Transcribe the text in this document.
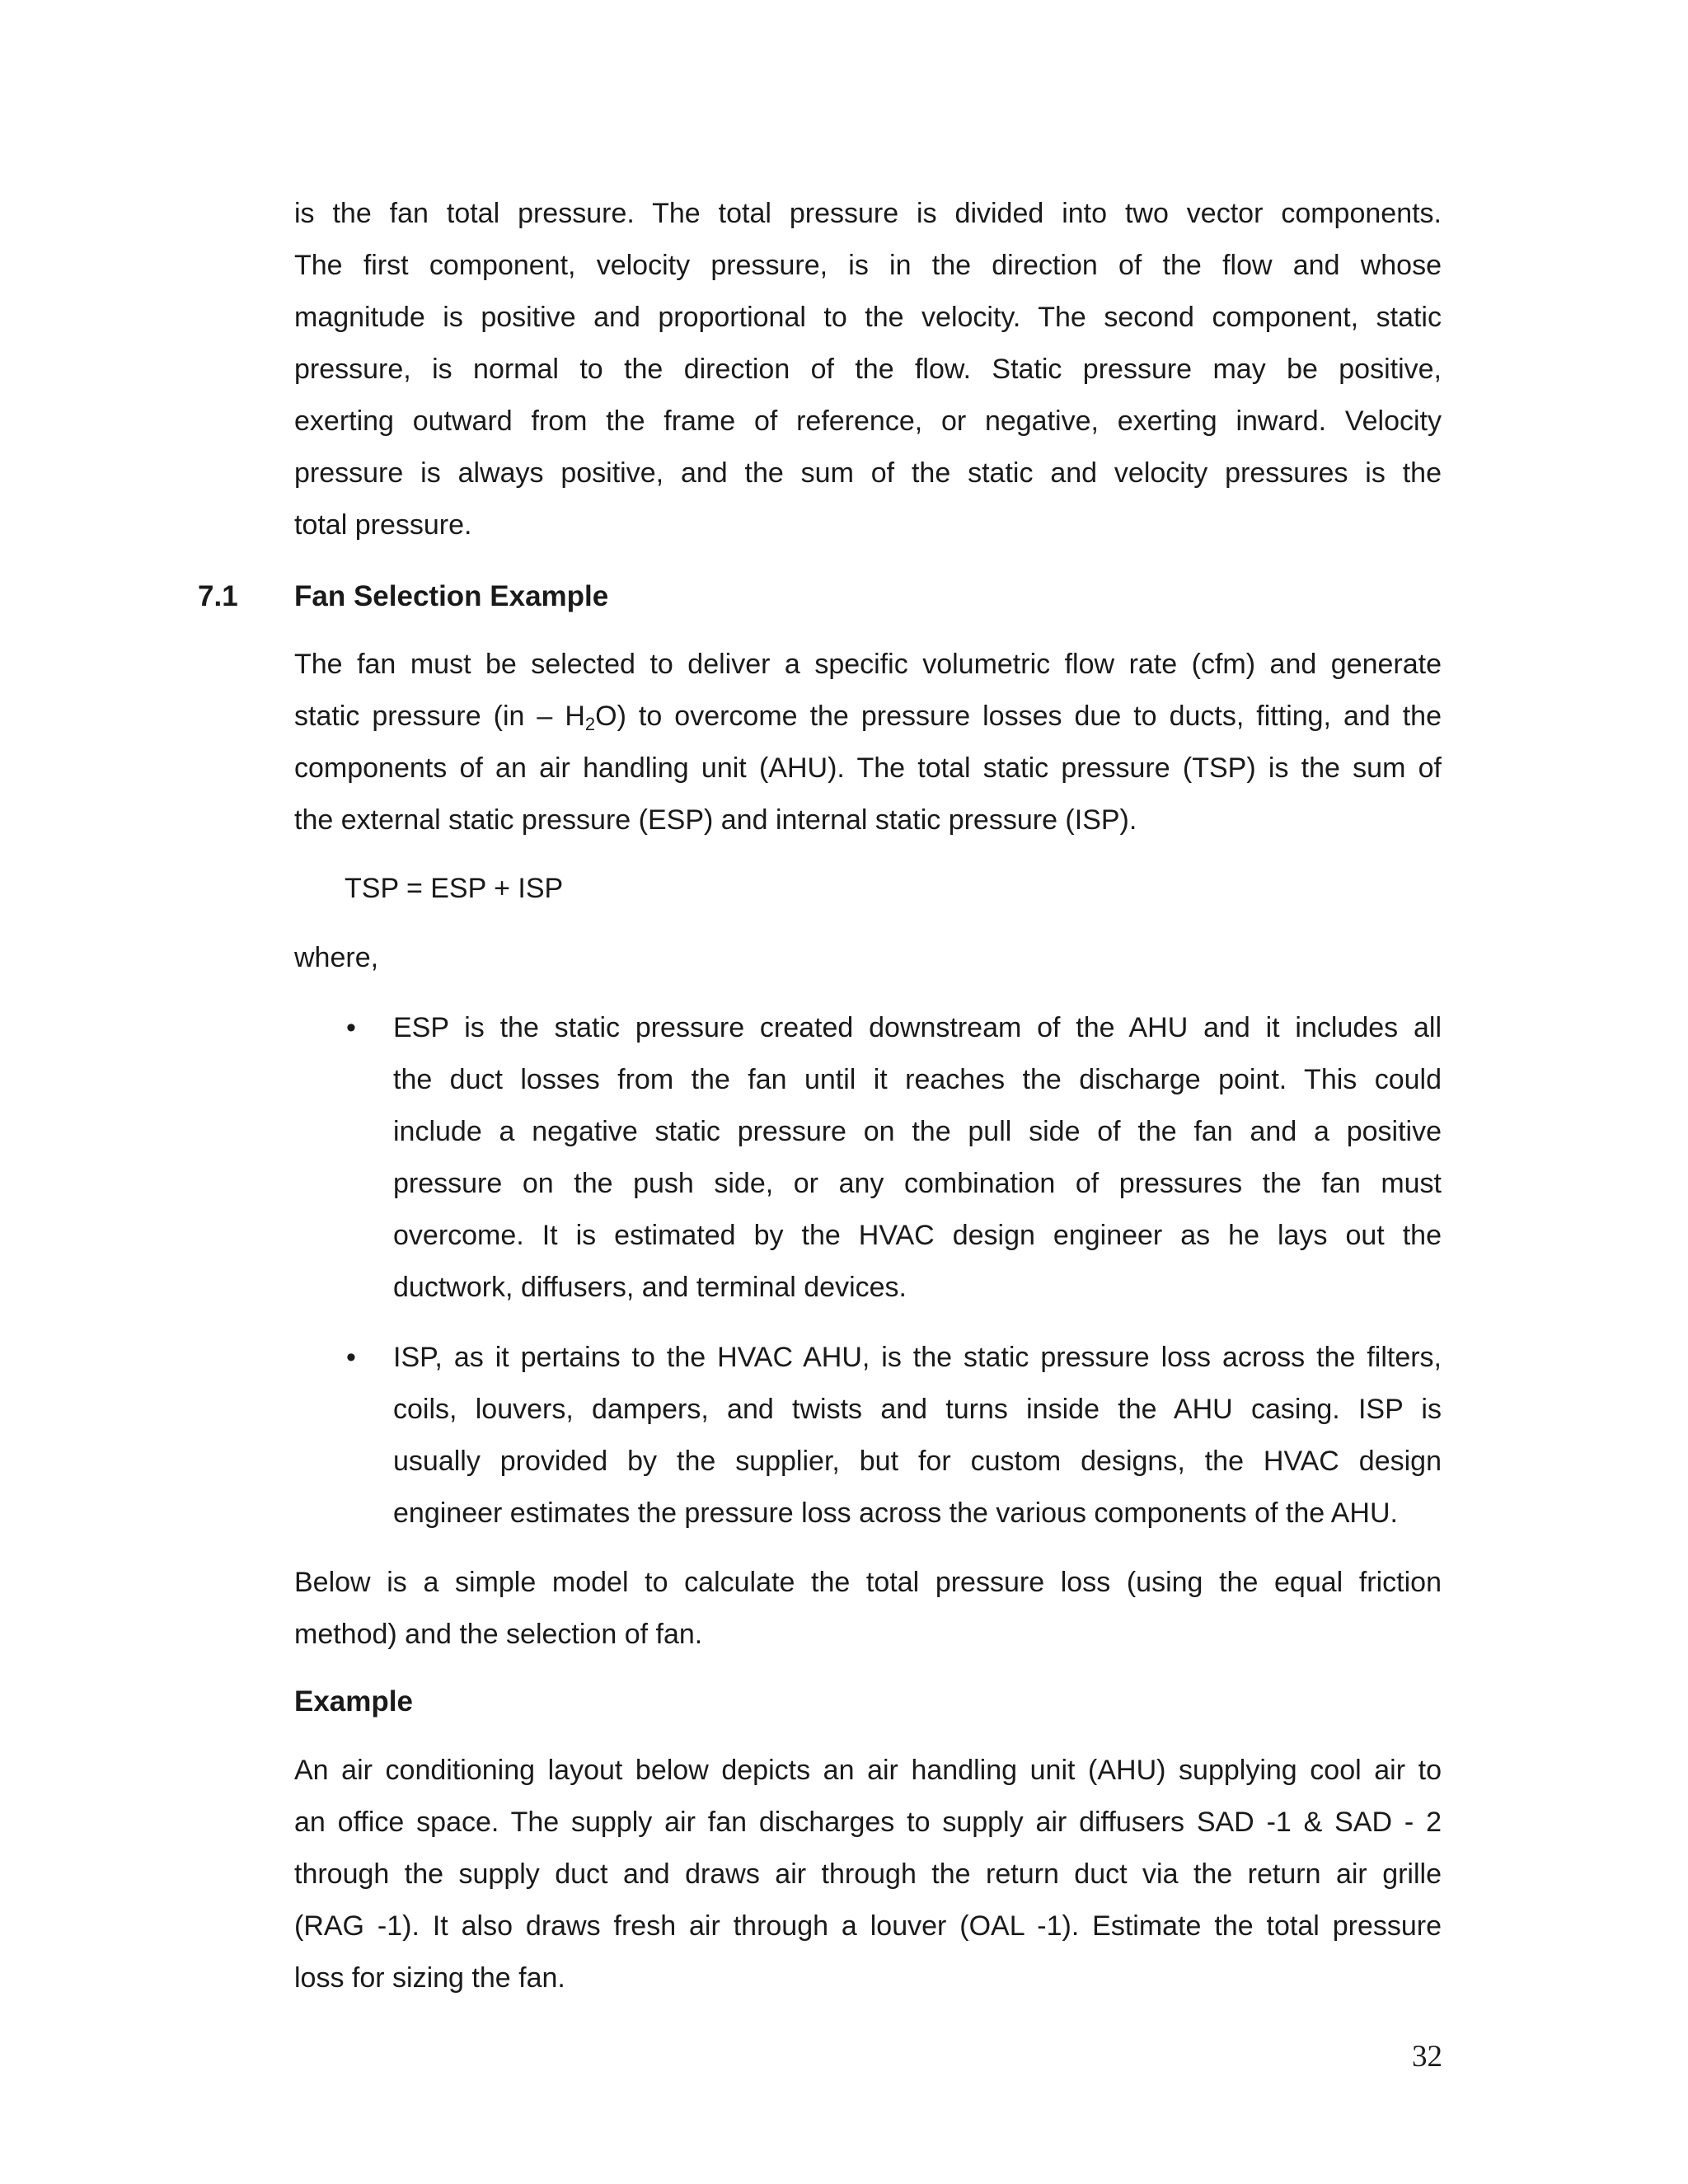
is the fan total pressure. The total pressure is divided into two vector components.
The first component, velocity pressure, is in the direction of the flow and whose
magnitude is positive and proportional to the velocity. The second component, static
pressure, is normal to the direction of the flow. Static pressure may be positive,
exerting outward from the frame of reference, or negative, exerting inward. Velocity
pressure is always positive, and the sum of the static and velocity pressures is the
total pressure.
7.1 Fan Selection Example
The fan must be selected to deliver a specific volumetric flow rate (cfm) and generate
static pressure $(in - H_2O)$ to overcome the pressure losses due to ducts, fitting, and the
components of an air handling unit (AHU). The total static pressure (TSP) is the sum of
the external static pressure (ESP) and internal static pressure (ISP).
TSP = ESP + ISP
where,
• ESP is the static pressure created downstream of the AHU and it includes all
the duct losses from the fan until it reaches the discharge point. This could
include a negative static pressure on the pull side of the fan and a positive
pressure on the push side, or any combination of pressures the fan must
overcome. It is estimated by the HVAC design engineer as he lays out the
ductwork, diffusers, and terminal devices.
• ISP, as it pertains to the HVAC AHU, is the static pressure loss across the filters,
coils, louvers, dampers, and twists and turns inside the AHU casing. ISP is
usually provided by the supplier, but for custom designs, the HVAC design
engineer estimates the pressure loss across the various components of the AHU.
Below is a simple model to calculate the total pressure loss (using the equal friction
method) and the selection of fan.
Example
An air conditioning layout below depicts an air handling unit (AHU) supplying cool air to
an office space. The supply air fan discharges to supply air diffusers SAD -1 & SAD - 2
through the supply duct and draws air through the return duct via the return air grille
(RAG -1). It also draws fresh air through a louver (OAL -1). Estimate the total pressure
loss for sizing the fan.
32
